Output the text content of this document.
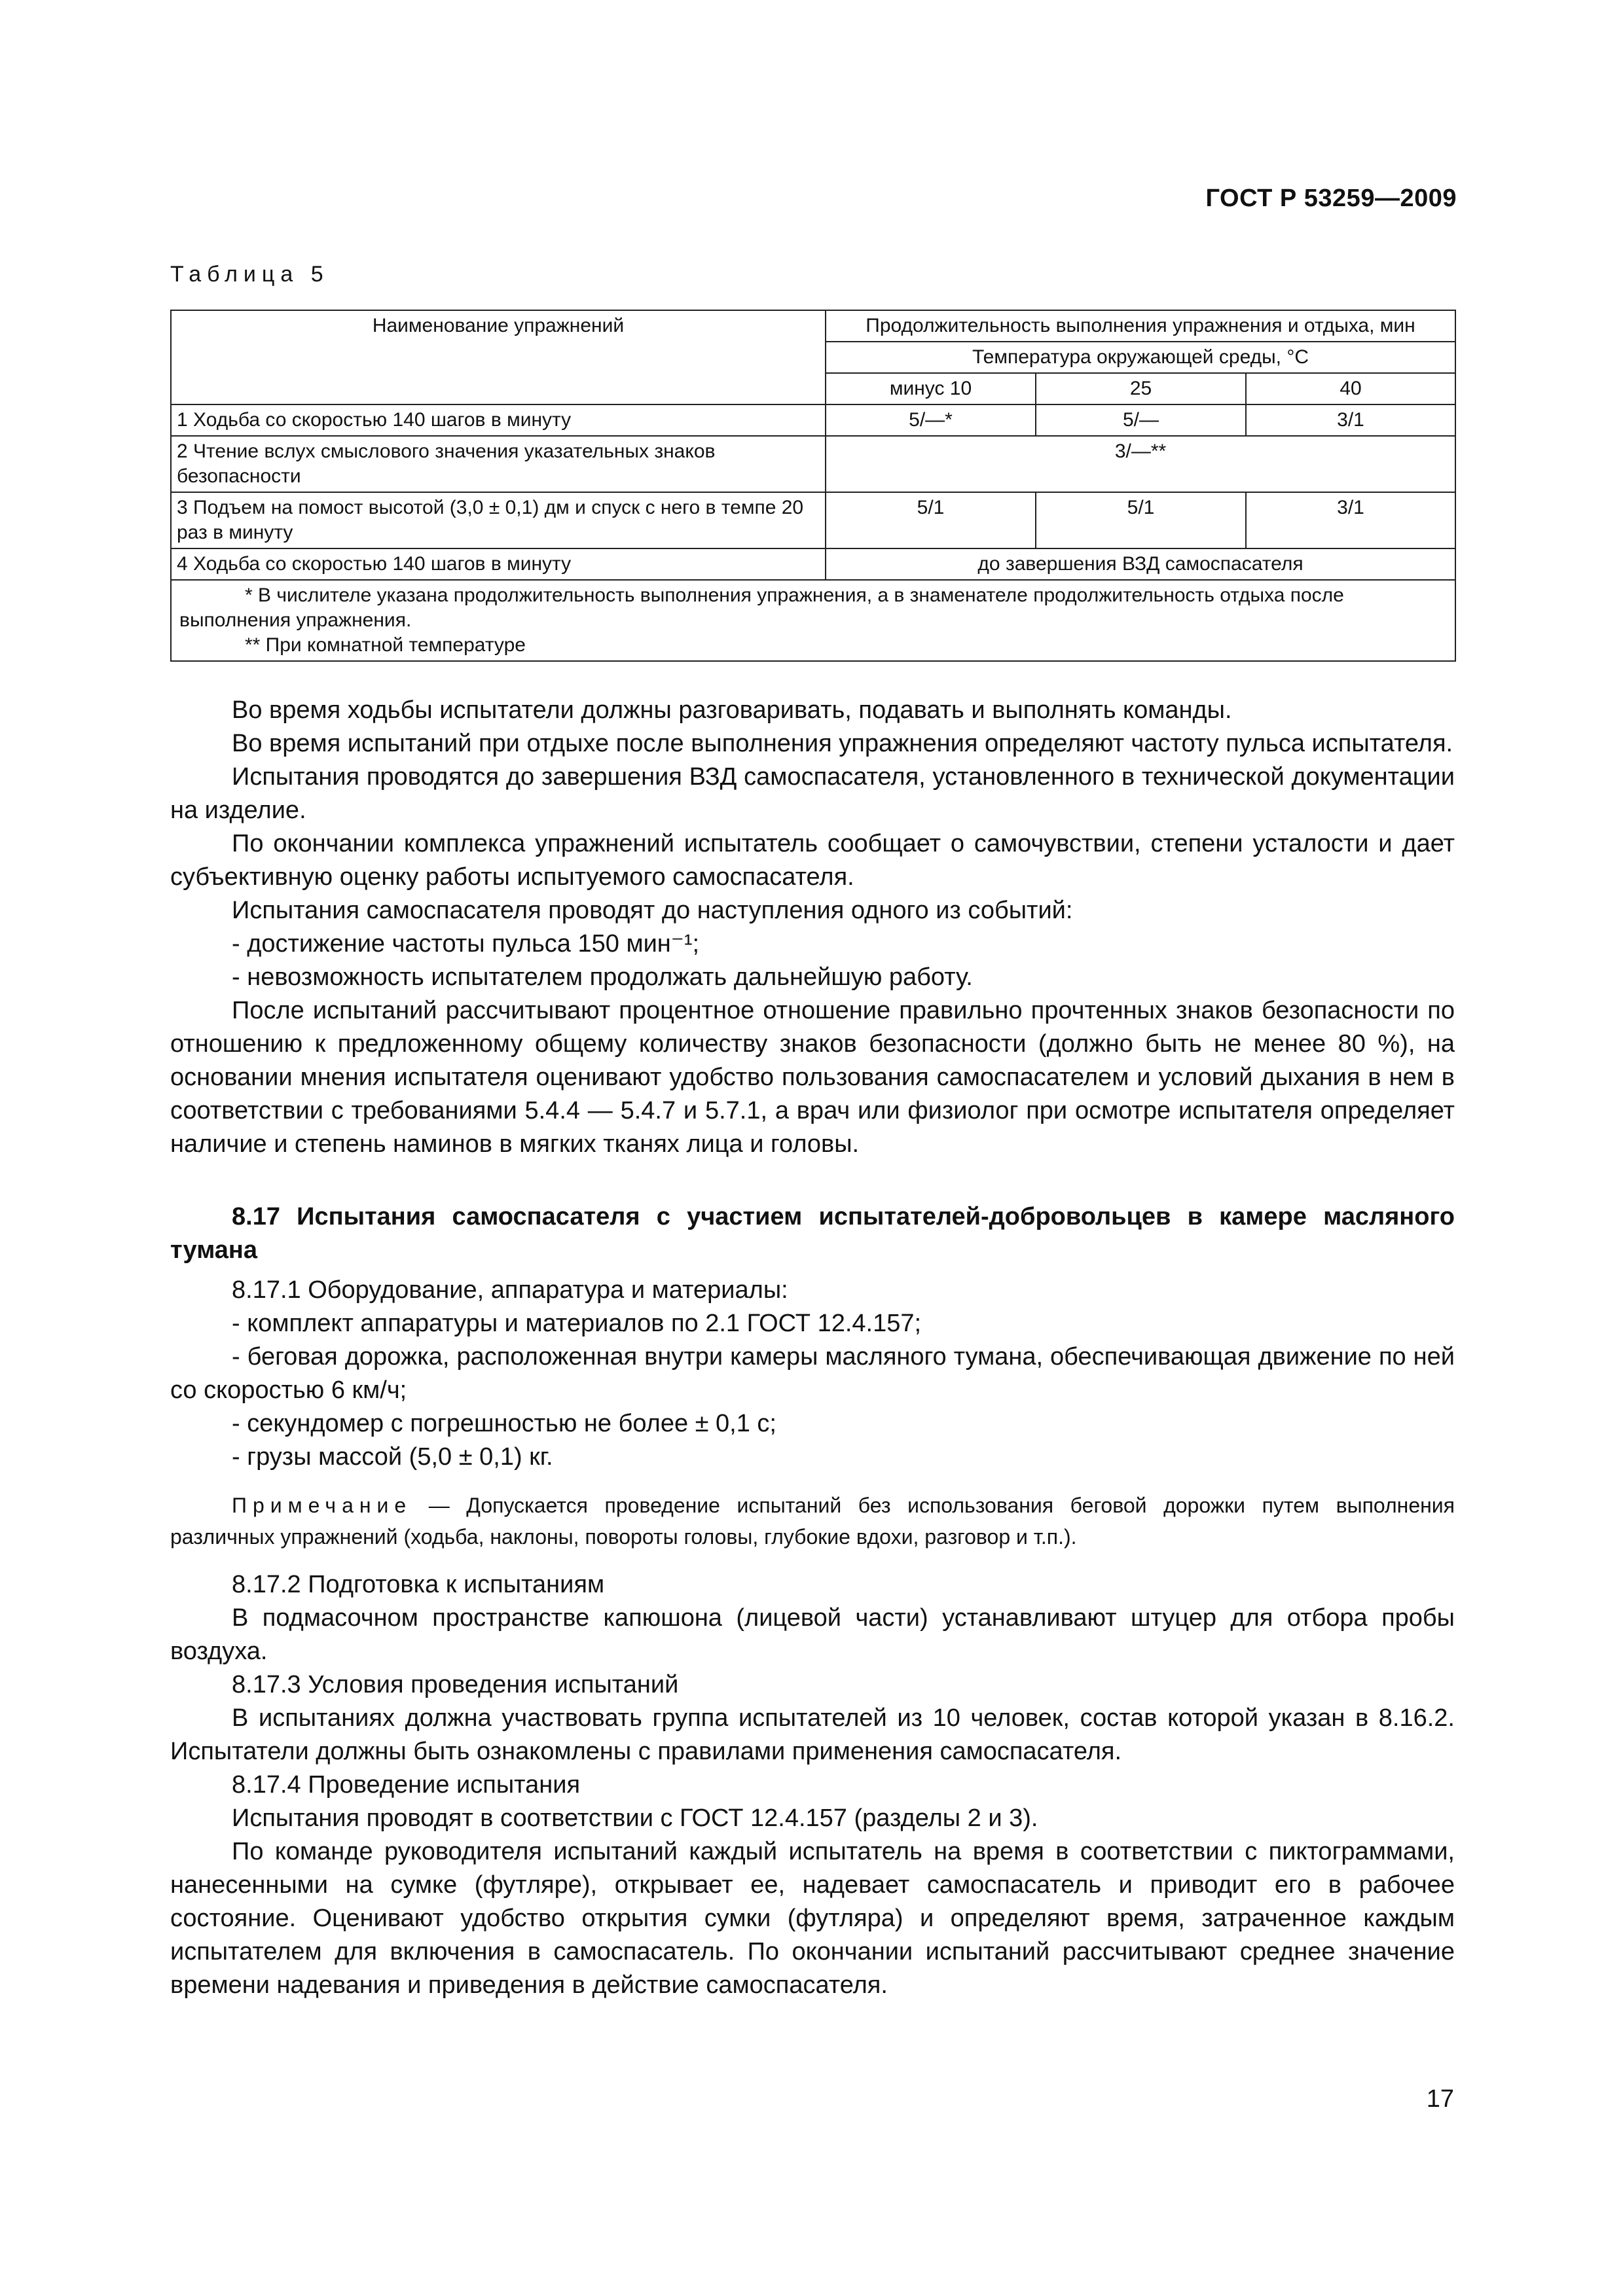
ГОСТ Р 53259—2009
Таблица 5
Наименование упражнений	Продолжительность выполнения упражнения и отдыха, мин		
	Температура окружающей среды, °С		
	минус 10	25	40
1 Ходьба со скоростью 140 шагов в минуту	5/—*	5/—	3/1
2 Чтение вслух смыслового значения указательных знаков безопасности	3/—**		
3 Подъем на помост высотой (3,0 ± 0,1) дм и спуск с него в темпе 20 раз в минуту	5/1	5/1	3/1
4 Ходьба со скоростью 140 шагов в минуту	до завершения ВЗД самоспасателя		

* В числителе указана продолжительность выполнения упражнения, а в знаменателе продолжительность отдыха после выполнения упражнения.
** При комнатной температуре			

Во время ходьбы испытатели должны разговаривать, подавать и выполнять команды.

Во время испытаний при отдыхе после выполнения упражнения определяют частоту пульса испытателя.

Испытания проводятся до завершения ВЗД самоспасателя, установленного в технической документации на изделие.

По окончании комплекса упражнений испытатель сообщает о самочувствии, степени усталости и дает субъективную оценку работы испытуемого самоспасателя.

Испытания самоспасателя проводят до наступления одного из событий:

- достижение частоты пульса 150 мин⁻¹;

- невозможность испытателем продолжать дальнейшую работу.

После испытаний рассчитывают процентное отношение правильно прочтенных знаков безопасности по отношению к предложенному общему количеству знаков безопасности (должно быть не менее 80 %), на основании мнения испытателя оценивают удобство пользования самоспасателем и условий дыхания в нем в соответствии с требованиями 5.4.4 — 5.4.7 и 5.7.1, а врач или физиолог при осмотре испытателя определяет наличие и степень наминов в мягких тканях лица и головы.

8.17 Испытания самоспасателя с участием испытателей-добровольцев в камере масляного тумана

8.17.1 Оборудование, аппаратура и материалы:

- комплект аппаратуры и материалов по 2.1 ГОСТ 12.4.157;

- беговая дорожка, расположенная внутри камеры масляного тумана, обеспечивающая движение по ней со скоростью 6 км/ч;

- секундомер с погрешностью не более ± 0,1 с;

- грузы массой (5,0 ± 0,1) кг.

Примечание — Допускается проведение испытаний без использования беговой дорожки путем выполнения различных упражнений (ходьба, наклоны, повороты головы, глубокие вдохи, разговор и т.п.).

8.17.2 Подготовка к испытаниям

В подмасочном пространстве капюшона (лицевой части) устанавливают штуцер для отбора пробы воздуха.

8.17.3 Условия проведения испытаний

В испытаниях должна участвовать группа испытателей из 10 человек, состав которой указан в 8.16.2. Испытатели должны быть ознакомлены с правилами применения самоспасателя.

8.17.4 Проведение испытания

Испытания проводят в соответствии с ГОСТ 12.4.157 (разделы 2 и 3).

По команде руководителя испытаний каждый испытатель на время в соответствии с пиктограммами, нанесенными на сумке (футляре), открывает ее, надевает самоспасатель и приводит его в рабочее состояние. Оценивают удобство открытия сумки (футляра) и определяют время, затраченное каждым испытателем для включения в самоспасатель. По окончании испытаний рассчитывают среднее значение времени надевания и приведения в действие самоспасателя.

17
